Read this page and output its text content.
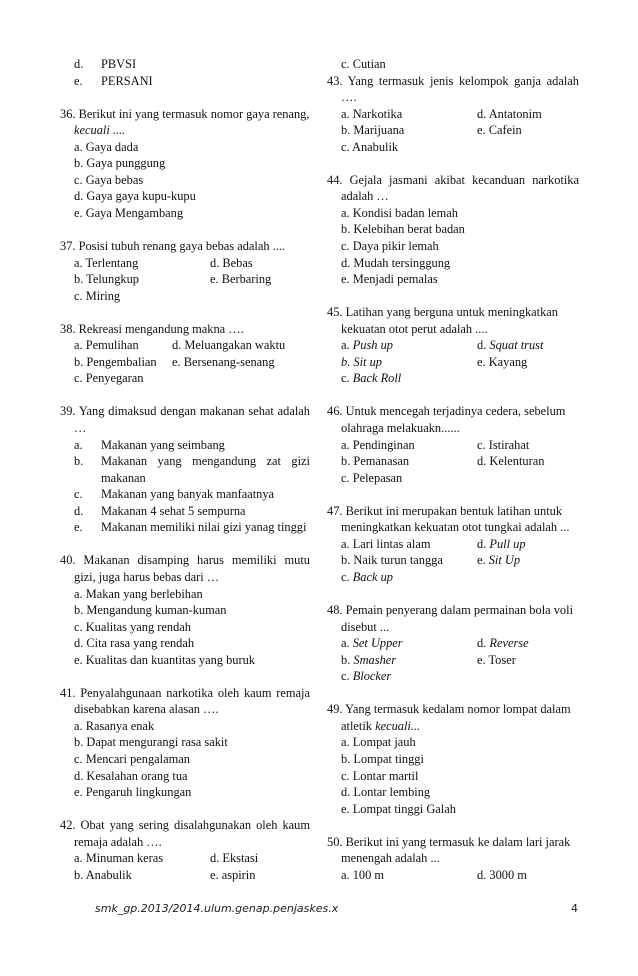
d. PBVSI
e. PERSANI
36. Berikut ini yang termasuk nomor gaya renang,
kecuali ....
a. Gaya dada
b. Gaya punggung
c. Gaya bebas
d. Gaya gaya kupu-kupu
e. Gaya Mengambang
37. Posisi tubuh renang gaya bebas adalah ....
a. Terlentang	d. Bebas
b. Telungkup	e. Berbaring
c. Miring
38. Rekreasi mengandung makna ….
a. Pemulihan	d. Meluangakan waktu
b. Pengembalian	e. Bersenang-senang
c. Penyegaran
39. Yang dimaksud dengan makanan sehat adalah
…
a. Makanan yang seimbang
b.	Makanan yang mengandung zat gizi
makanan
c. Makanan yang banyak manfaatnya
d. Makanan 4 sehat 5 sempurna
e. Makanan memiliki nilai gizi yanag tinggi
40. Makanan disamping harus memiliki mutu
gizi, juga harus bebas dari …
a. Makan yang berlebihan
b. Mengandung kuman-kuman
c. Kualitas yang rendah
d. Cita rasa yang rendah
e. Kualitas dan kuantitas yang buruk
41. Penyalahgunaan narkotika oleh kaum remaja
disebabkan karena alasan ….
a. Rasanya enak
b. Dapat mengurangi rasa sakit
c. Mencari pengalaman
d. Kesalahan orang tua
e. Pengaruh lingkungan
42. Obat yang sering disalahgunakan oleh kaum
remaja adalah ….
a. Minuman keras	d. Ekstasi
b. Anabulik	e. aspirin
c. Cutian
43. Yang termasuk jenis kelompok ganja adalah
….
a. Narkotika	d. Antatonim
b. Marijuana	e. Cafein
c. Anabulik
44. Gejala jasmani akibat kecanduan narkotika
adalah …
a. Kondisi badan lemah
b. Kelebihan berat badan
c. Daya pikir lemah
d. Mudah tersinggung
e. Menjadi pemalas
45. Latihan yang berguna untuk meningkatkan
kekuatan otot perut adalah ....
a. Push up	d. Squat trust
b. Sit up	e. Kayang
c. Back Roll
46. Untuk mencegah terjadinya cedera, sebelum
olahraga melakuakn......
a. Pendinginan	c. Istirahat
b. Pemanasan	d. Kelenturan
c. Pelepasan
47. Berikut ini merupakan bentuk latihan untuk
meningkatkan kekuatan otot tungkai adalah ...
a. Lari lintas alam	d. Pull up
b. Naik turun tangga	e. Sit Up
c. Back up
48. Pemain penyerang dalam permainan bola voli
disebut ...
a. Set Upper	d. Reverse
b. Smasher	e. Toser
c. Blocker
49. Yang termasuk kedalam nomor lompat dalam
atletik kecuali...
a. Lompat jauh
b. Lompat tinggi
c. Lontar martil
d. Lontar lembing
e. Lompat tinggi Galah
50. Berikut ini yang termasuk ke dalam lari jarak
menengah adalah ...
a. 100 m	d. 3000 m
smk_gp.2013/2014.ulum.genap.penjaskes.x	4
